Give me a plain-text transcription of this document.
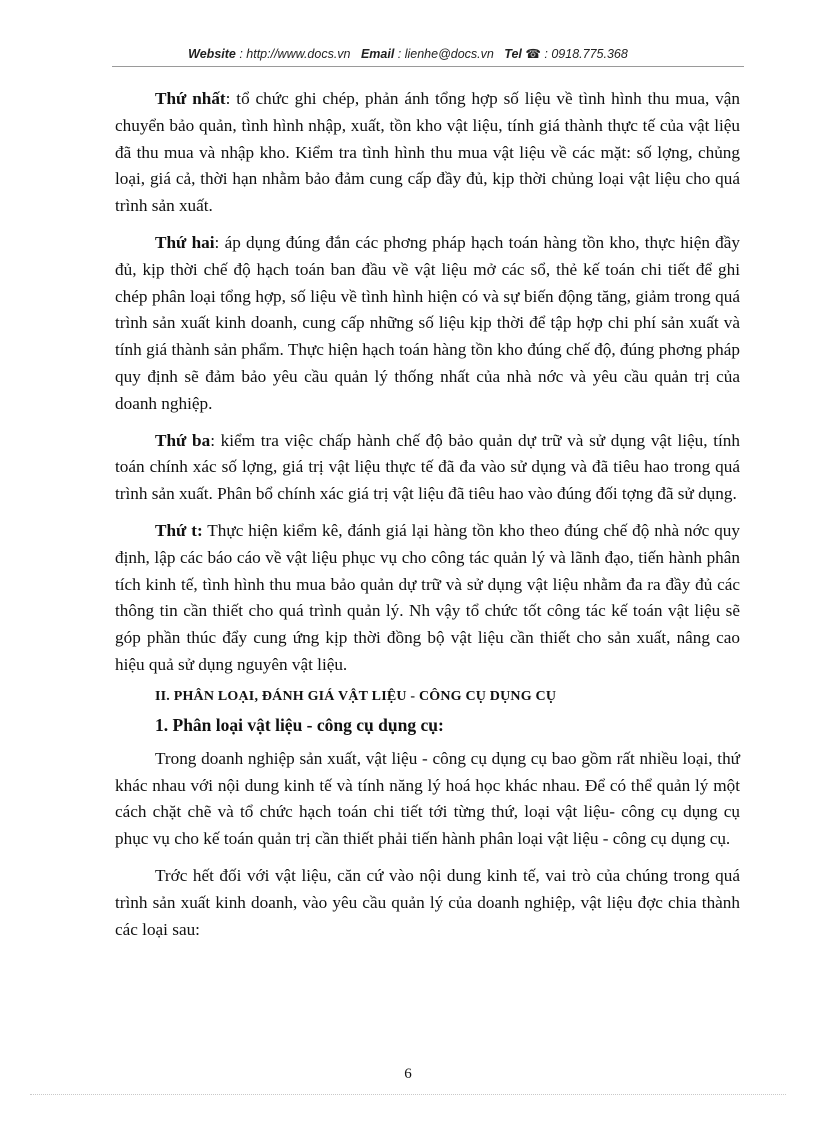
Website : http://www.docs.vn Email : lienhe@docs.vn Tel ☎ : 0918.775.368

Thứ nhất: tổ chức ghi chép, phản ánh tổng hợp số liệu về tình hình thu mua, vận chuyển bảo quản, tình hình nhập, xuất, tồn kho vật liệu, tính giá thành thực tế của vật liệu đã thu mua và nhập kho. Kiểm tra tình hình thu mua vật liệu về các mặt: số lợng, chủng loại, giá cả, thời hạn nhằm bảo đảm cung cấp đầy đủ, kịp thời chủng loại vật liệu cho quá trình sản xuất.

Thứ hai: áp dụng đúng đắn các phơng pháp hạch toán hàng tồn kho, thực hiện đầy đủ, kịp thời chế độ hạch toán ban đầu về vật liệu mở các sổ, thẻ kế toán chi tiết để ghi chép phân loại tổng hợp, số liệu về tình hình hiện có và sự biến động tăng, giảm trong quá trình sản xuất kinh doanh, cung cấp những số liệu kịp thời để tập hợp chi phí sản xuất và tính giá thành sản phẩm. Thực hiện hạch toán hàng tồn kho đúng chế độ, đúng phơng pháp quy định sẽ đảm bảo yêu cầu quản lý thống nhất của nhà nớc và yêu cầu quản trị của doanh nghiệp.

Thứ ba: kiểm tra việc chấp hành chế độ bảo quản dự trữ và sử dụng vật liệu, tính toán chính xác số lợng, giá trị vật liệu thực tế đã đa vào sử dụng và đã tiêu hao trong quá trình sản xuất. Phân bổ chính xác giá trị vật liệu đã tiêu hao vào đúng đối tợng đã sử dụng.

Thứ t: Thực hiện kiểm kê, đánh giá lại hàng tồn kho theo đúng chế độ nhà nớc quy định, lập các báo cáo về vật liệu phục vụ cho công tác quản lý và lãnh đạo, tiến hành phân tích kinh tế, tình hình thu mua bảo quản dự trữ và sử dụng vật liệu nhằm đa ra đầy đủ các thông tin cần thiết cho quá trình quản lý. Nh vậy tổ chức tốt công tác kế toán vật liệu sẽ góp phần thúc đẩy cung ứng kịp thời đồng bộ vật liệu cần thiết cho sản xuất, nâng cao hiệu quả sử dụng nguyên vật liệu.

II. PHÂN LOẠI, ĐÁNH GIÁ VẬT LIỆU - CÔNG CỤ DỤNG CỤ
1. Phân loại vật liệu - công cụ dụng cụ:

Trong doanh nghiệp sản xuất, vật liệu - công cụ dụng cụ bao gồm rất nhiều loại, thứ khác nhau với nội dung kinh tế và tính năng lý hoá học khác nhau. Để có thể quản lý một cách chặt chẽ và tổ chức hạch toán chi tiết tới từng thứ, loại vật liệu- công cụ dụng cụ phục vụ cho kế toán quản trị cần thiết phải tiến hành phân loại vật liệu - công cụ dụng cụ.

Trớc hết đối với vật liệu, căn cứ vào nội dung kinh tế, vai trò của chúng trong quá trình sản xuất kinh doanh, vào yêu cầu quản lý của doanh nghiệp, vật liệu đợc chia thành các loại sau:

6
